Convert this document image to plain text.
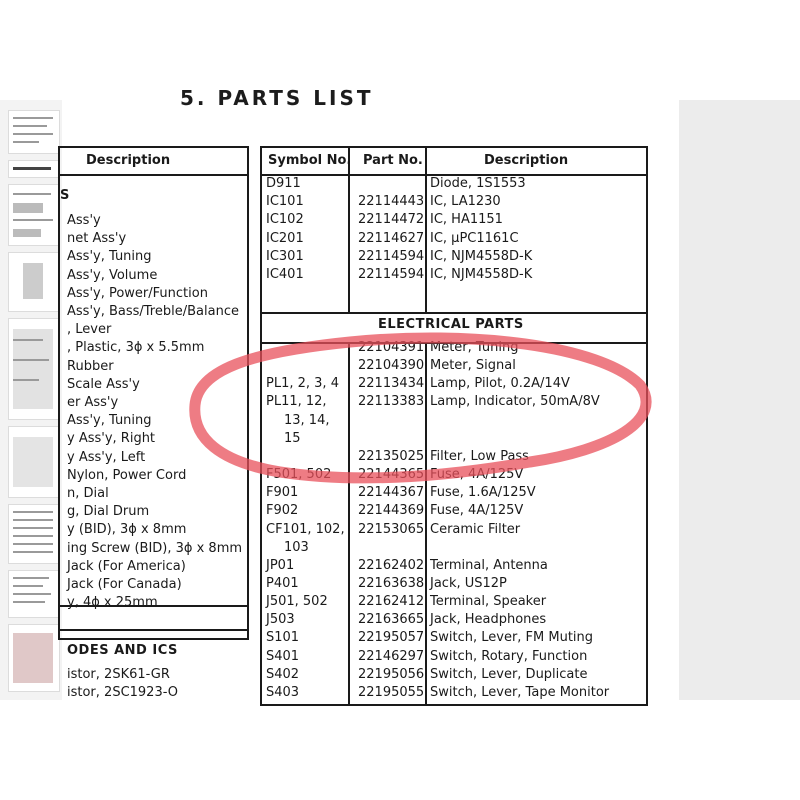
5. PARTS LIST
Description
S
Ass'y
net Ass'y
Ass'y, Tuning
Ass'y, Volume
Ass'y, Power/Function
Ass'y, Bass/Treble/Balance
, Lever
, Plastic, 3ϕ x 5.5mm
Rubber
Scale Ass'y
er Ass'y
Ass'y, Tuning
y Ass'y, Right
y Ass'y, Left
Nylon, Power Cord
n, Dial
g, Dial Drum
y (BID), 3ϕ x 8mm
ing Screw (BID), 3ϕ x 8mm
Jack (For America)
Jack (For Canada)
y, 4ϕ x 25mm
ODES AND ICS
istor, 2SK61-GR
istor, 2SC1923-O
Symbol No. Part No.	Description
ELECTRICAL PARTS
D911	Diode, 1S1553
IC101	22114443 IC, LA1230
IC102	22114472 IC, HA1151
IC201	22114627 IC, μPC1161C
IC301	22114594 IC, NJM4558D-K
IC401	22114594 IC, NJM4558D-K
22104391 Meter, Tuning
22104390 Meter, Signal
PL1, 2, 3, 4 22113434 Lamp, Pilot, 0.2A/14V
PL11, 12, 22113383 Lamp, Indicator, 50mA/8V
13, 14,
15
22135025 Filter, Low Pass
F501, 502 22144365 Fuse, 4A/125V
F901	22144367 Fuse, 1.6A/125V
F902	22144369 Fuse, 4A/125V
CF101, 102, 22153065 Ceramic Filter
103
JP01	22162402 Terminal, Antenna
P401	22163638 Jack, US12P
J501, 502 22162412 Terminal, Speaker
J503	22163665 Jack, Headphones
S101	22195057 Switch, Lever, FM Muting
S401	22146297 Switch, Rotary, Function
S402	22195056 Switch, Lever, Duplicate
S403	22195055 Switch, Lever, Tape Monitor
